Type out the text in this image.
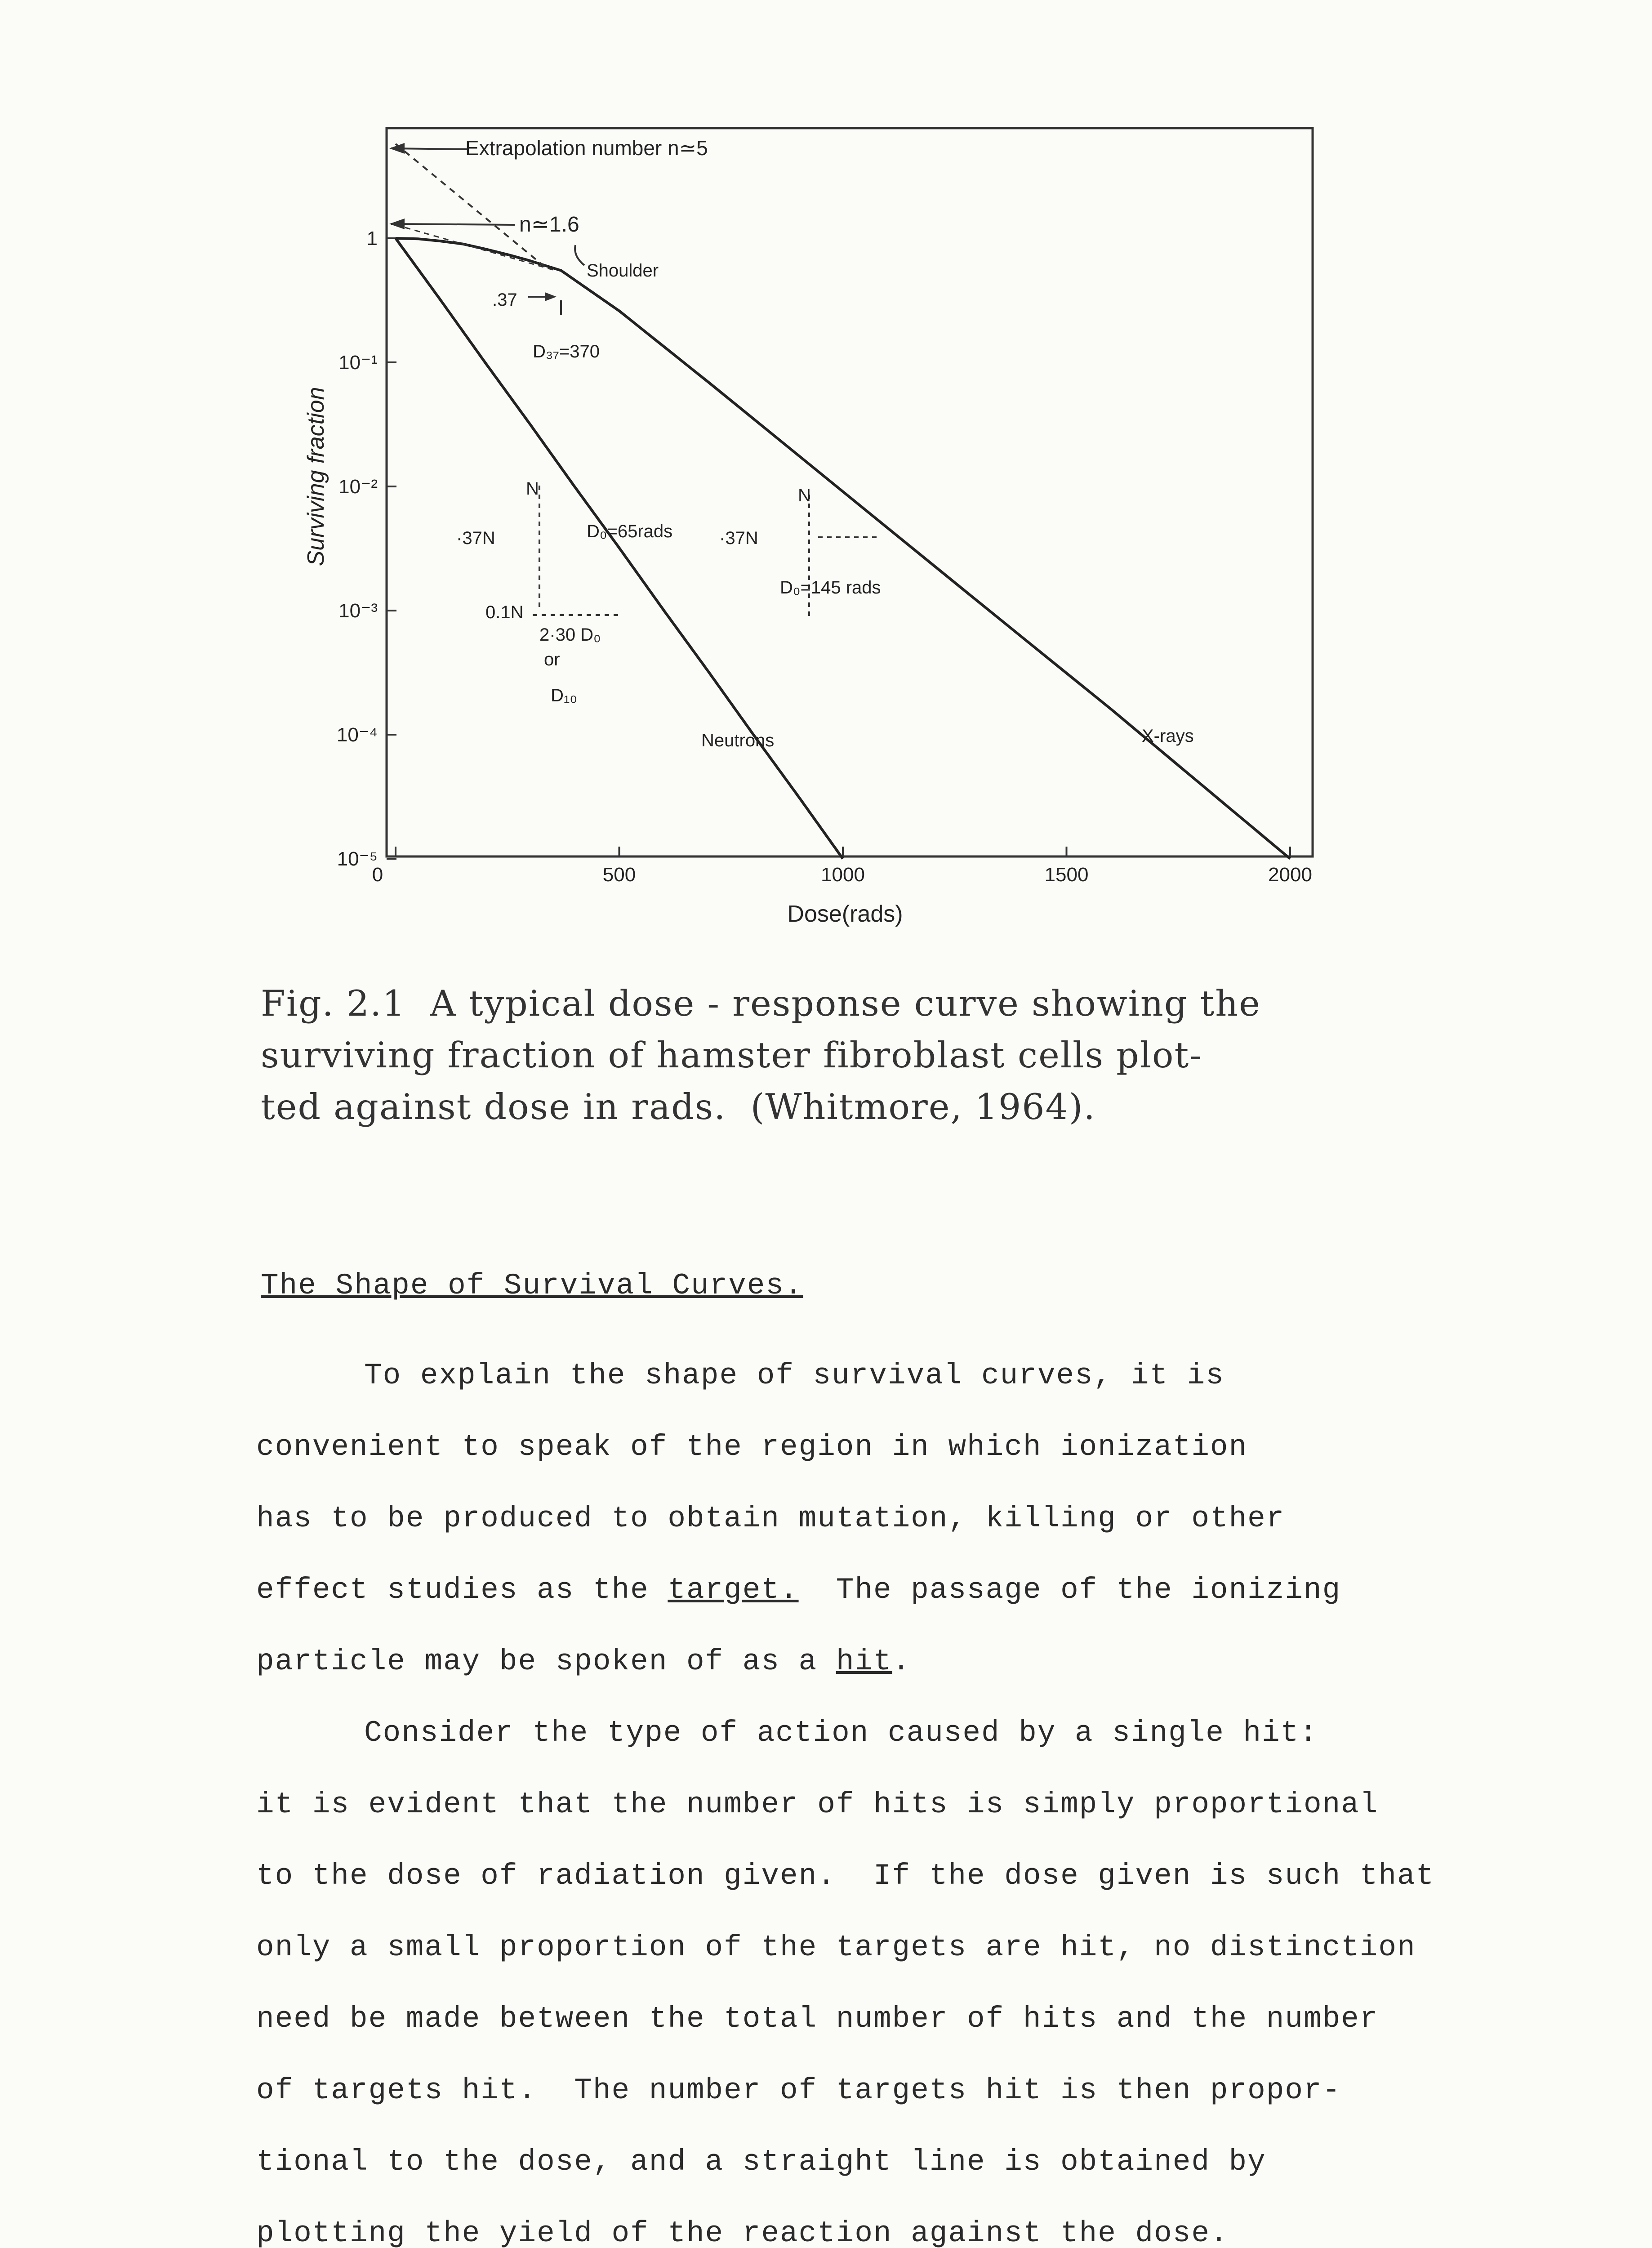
0	500	1000	1500	2000
1
10⁻¹
10⁻²
10⁻³
10⁻⁴
10⁻⁵
Extrapolation number n≃5
n≃1.6
Shoulder
.37
D₃₇=370
N
·37N	D₀=65rads
N
·37N
D₀=145 rads
0.1N
2·30 D₀
or
D₁₀
Neutrons	X-rays
Dose(rads)
Surviving fraction
Fig. 2.1  A typical dose - response curve showing the
surviving fraction of hamster fibroblast cells plot-
ted against dose in rads.  (Whitmore, 1964).
The Shape of Survival Curves.
To explain the shape of survival curves, it is
convenient to speak of the region in which ionization
has to be produced to obtain mutation, killing or other
effect studies as the target.  The passage of the ionizing
particle may be spoken of as a hit.
Consider the type of action caused by a single hit:
it is evident that the number of hits is simply proportional
to the dose of radiation given.  If the dose given is such that
only a small proportion of the targets are hit, no distinction
need be made between the total number of hits and the number
of targets hit.  The number of targets hit is then propor-
tional to the dose, and a straight line is obtained by
plotting the yield of the reaction against the dose.
